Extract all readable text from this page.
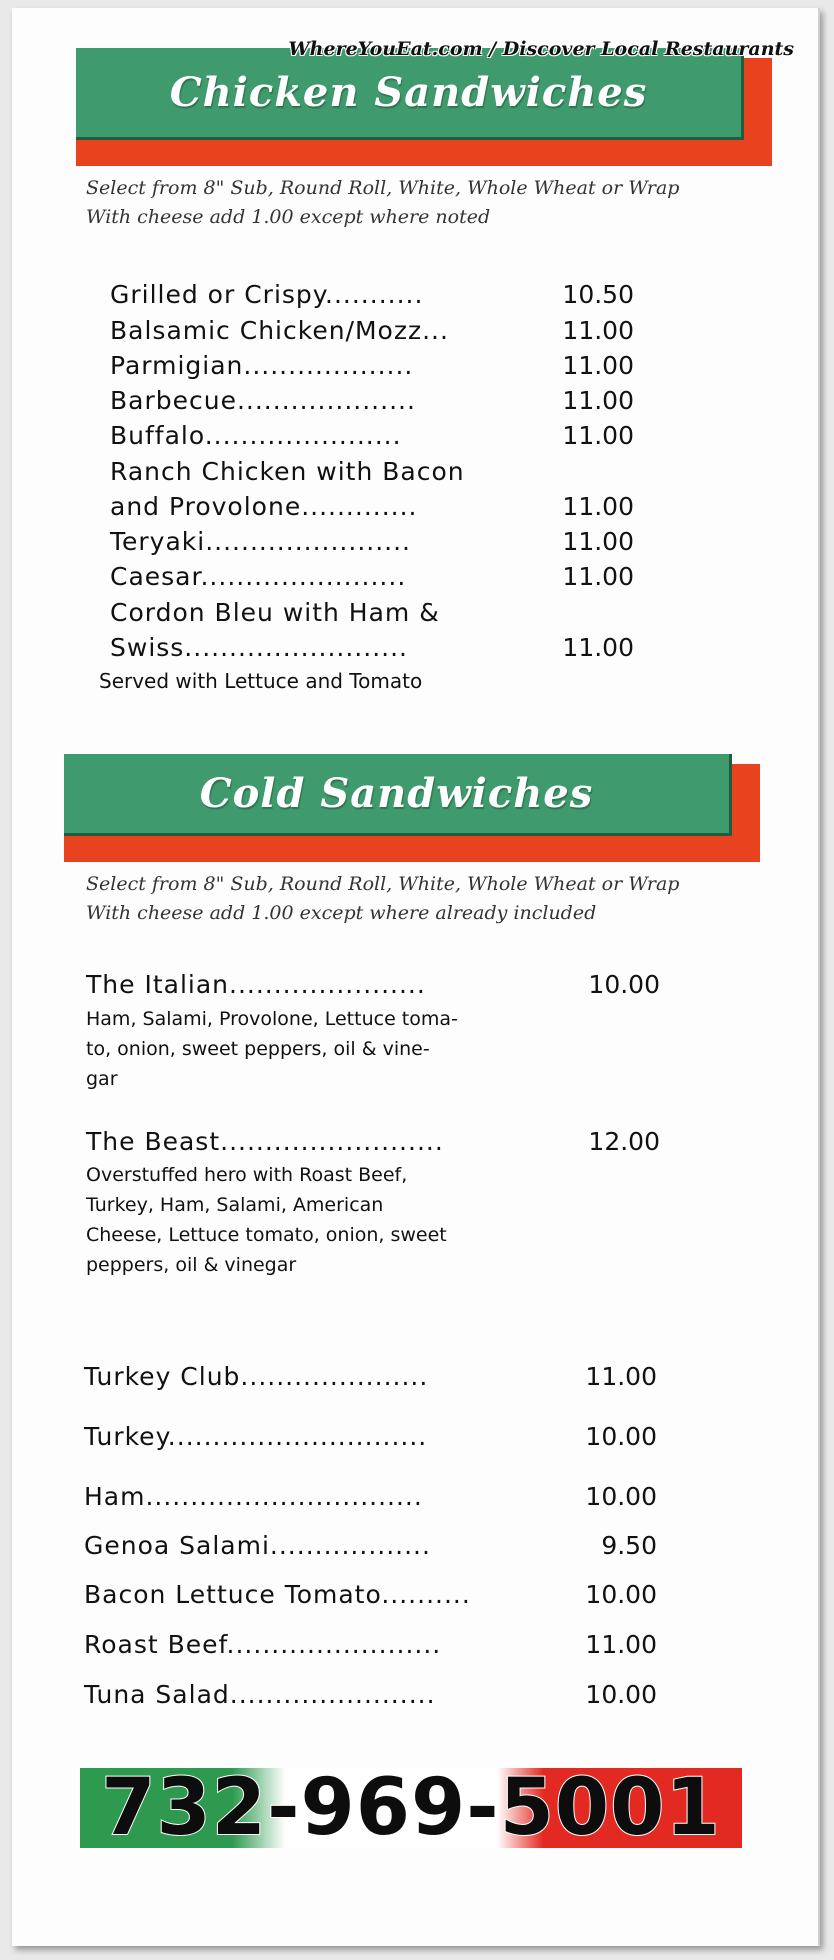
WhereYouEat.com / Discover Local Restaurants
Chicken Sandwiches
Select from 8" Sub, Round Roll, White, Whole Wheat or Wrap
With cheese add 1.00 except where noted
Grilled or Crispy...........	10.50
Balsamic Chicken/Mozz...	11.00
Parmigian...................	11.00
Barbecue....................	11.00
Buffalo......................	11.00
Ranch Chicken with Bacon
and Provolone.............	11.00
Teryaki.......................	11.00
Caesar.......................	11.00
Cordon Bleu with Ham &
Swiss.........................	11.00
Served with Lettuce and Tomato
Cold Sandwiches
Select from 8" Sub, Round Roll, White, Whole Wheat or Wrap
With cheese add 1.00 except where already included
The Italian......................	10.00
Ham, Salami, Provolone, Lettuce toma-
to, onion, sweet peppers, oil & vine-
gar
The Beast.........................	12.00
Overstuffed hero with Roast Beef,
Turkey, Ham, Salami, American
Cheese, Lettuce tomato, onion, sweet
peppers, oil & vinegar
Turkey Club.....................	11.00
Turkey.............................	10.00
Ham...............................	10.00
Genoa Salami..................	9.50
Bacon Lettuce Tomato..........	10.00
Roast Beef........................	11.00
Tuna Salad.......................	10.00
732-969-5001
